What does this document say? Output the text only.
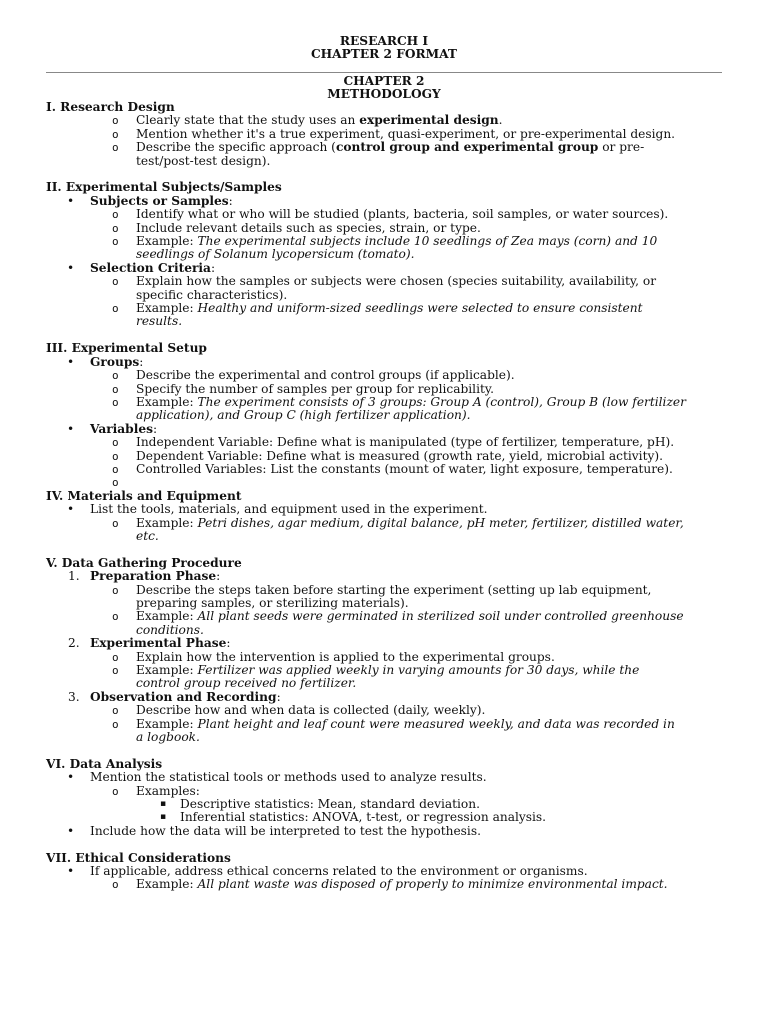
RESEARCH I
CHAPTER 2 FORMAT
CHAPTER 2
METHODOLOGY
I. Research Design
o Clearly state that the study uses an experimental design.
o Mention whether it's a true experiment, quasi-experiment, or pre-experimental design.
o Describe the specific approach (control group and experimental group or pre-
test/post-test design).
II. Experimental Subjects/Samples
• Subjects or Samples:
o Identify what or who will be studied (plants, bacteria, soil samples, or water sources).
o Include relevant details such as species, strain, or type.
o Example: The experimental subjects include 10 seedlings of Zea mays (corn) and 10
seedlings of Solanum lycopersicum (tomato).
• Selection Criteria:
o Explain how the samples or subjects were chosen (species suitability, availability, or
specific characteristics).
o Example: Healthy and uniform-sized seedlings were selected to ensure consistent
results.
III. Experimental Setup
• Groups:
o Describe the experimental and control groups (if applicable).
o Specify the number of samples per group for replicability.
o Example: The experiment consists of 3 groups: Group A (control), Group B (low fertilizer
application), and Group C (high fertilizer application).
• Variables:
o Independent Variable: Define what is manipulated (type of fertilizer, temperature, pH).
o Dependent Variable: Define what is measured (growth rate, yield, microbial activity).
o Controlled Variables: List the constants (mount of water, light exposure, temperature).
o

IV. Materials and Equipment
• List the tools, materials, and equipment used in the experiment.
o Example: Petri dishes, agar medium, digital balance, pH meter, fertilizer, distilled water,
etc.
V. Data Gathering Procedure
1. Preparation Phase:
o Describe the steps taken before starting the experiment (setting up lab equipment,
preparing samples, or sterilizing materials).
o Example: All plant seeds were germinated in sterilized soil under controlled greenhouse
conditions.
2. Experimental Phase:
o Explain how the intervention is applied to the experimental groups.
o Example: Fertilizer was applied weekly in varying amounts for 30 days, while the
control group received no fertilizer.
3. Observation and Recording:
o Describe how and when data is collected (daily, weekly).
o Example: Plant height and leaf count were measured weekly, and data was recorded in
a logbook.
VI. Data Analysis
• Mention the statistical tools or methods used to analyze results.
o Examples:
▪ Descriptive statistics: Mean, standard deviation.
▪ Inferential statistics: ANOVA, t-test, or regression analysis.
• Include how the data will be interpreted to test the hypothesis.
VII. Ethical Considerations
• If applicable, address ethical concerns related to the environment or organisms.
o Example: All plant waste was disposed of properly to minimize environmental impact.
